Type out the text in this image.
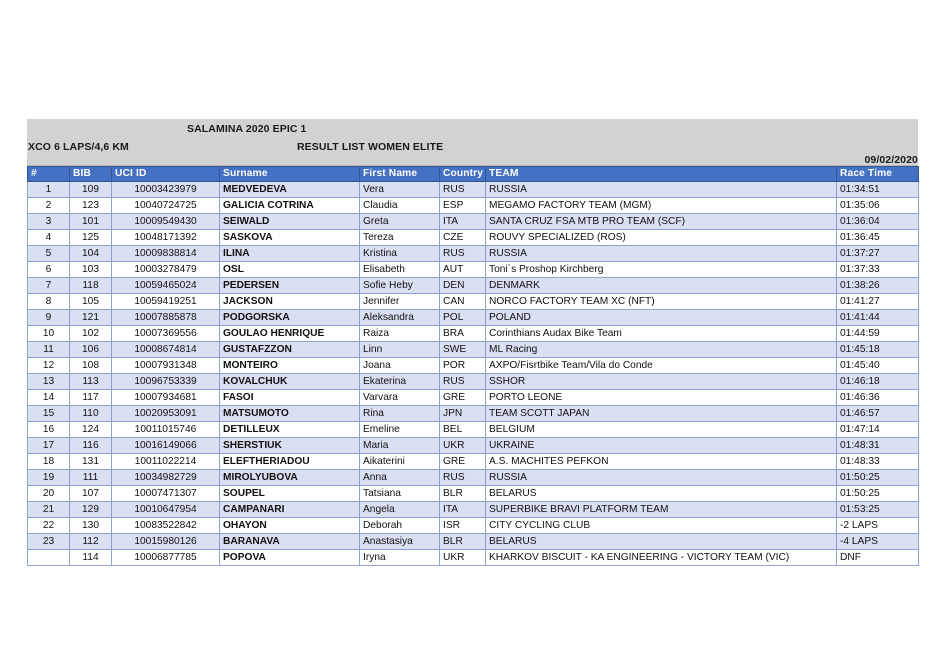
SALAMINA 2020 EPIC 1
XCO 6 LAPS/4,6 KM	RESULT LIST WOMEN ELITE
09/02/2020
#	BIB	UCI ID	Surname	First Name	Country	TEAM	Race Time
1	109	10003423979	MEDVEDEVA	Vera	RUS	RUSSIA	01:34:51
2	123	10040724725	GALICIA COTRINA	Claudia	ESP	MEGAMO FACTORY TEAM (MGM)	01:35:06
3	101	10009549430	SEIWALD	Greta	ITA	SANTA CRUZ FSA MTB PRO TEAM (SCF)	01:36:04
4	125	10048171392	SASKOVA	Tereza	CZE	ROUVY SPECIALIZED (ROS)	01:36:45
5	104	10009838814	ILINA	Kristina	RUS	RUSSIA	01:37:27
6	103	10003278479	OSL	Elisabeth	AUT	Toni`s Proshop Kirchberg	01:37:33
7	118	10059465024	PEDERSEN	Sofie Heby	DEN	DENMARK	01:38:26
8	105	10059419251	JACKSON	Jennifer	CAN	NORCO FACTORY TEAM XC (NFT)	01:41:27
9	121	10007885878	PODGORSKA	Aleksandra	POL	POLAND	01:41:44
10	102	10007369556	GOULAO HENRIQUE	Raiza	BRA	Corinthians Audax Bike Team	01:44:59
11	106	10008674814	GUSTAFZZON	Linn	SWE	ML Racing	01:45:18
12	108	10007931348	MONTEIRO	Joana	POR	AXPO/Fisrtbike Team/Vila do Conde	01:45:40
13	113	10096753339	KOVALCHUK	Ekaterina	RUS	SSHOR	01:46:18
14	117	10007934681	FASOI	Varvara	GRE	PORTO LEONE	01:46:36
15	110	10020953091	MATSUMOTO	Rina	JPN	TEAM SCOTT JAPAN	01:46:57
16	124	10011015746	DETILLEUX	Emeline	BEL	BELGIUM	01:47:14
17	116	10016149066	SHERSTIUK	Maria	UKR	UKRAINE	01:48:31
18	131	10011022214	ELEFTHERIADOU	Aikaterini	GRE	A.S. MACHITES PEFKON	01:48:33
19	111	10034982729	MIROLYUBOVA	Anna	RUS	RUSSIA	01:50:25
20	107	10007471307	SOUPEL	Tatsiana	BLR	BELARUS	01:50:25
21	129	10010647954	CAMPANARI	Angela	ITA	SUPERBIKE BRAVI PLATFORM TEAM	01:53:25
22	130	10083522842	OHAYON	Deborah	ISR	CITY CYCLING CLUB	-2 LAPS
23	112	10015980126	BARANAVA	Anastasiya	BLR	BELARUS	-4 LAPS
	114	10006877785	POPOVA	Iryna	UKR	KHARKOV BISCUIT - KA ENGINEERING - VICTORY TEAM (VIC)	DNF
